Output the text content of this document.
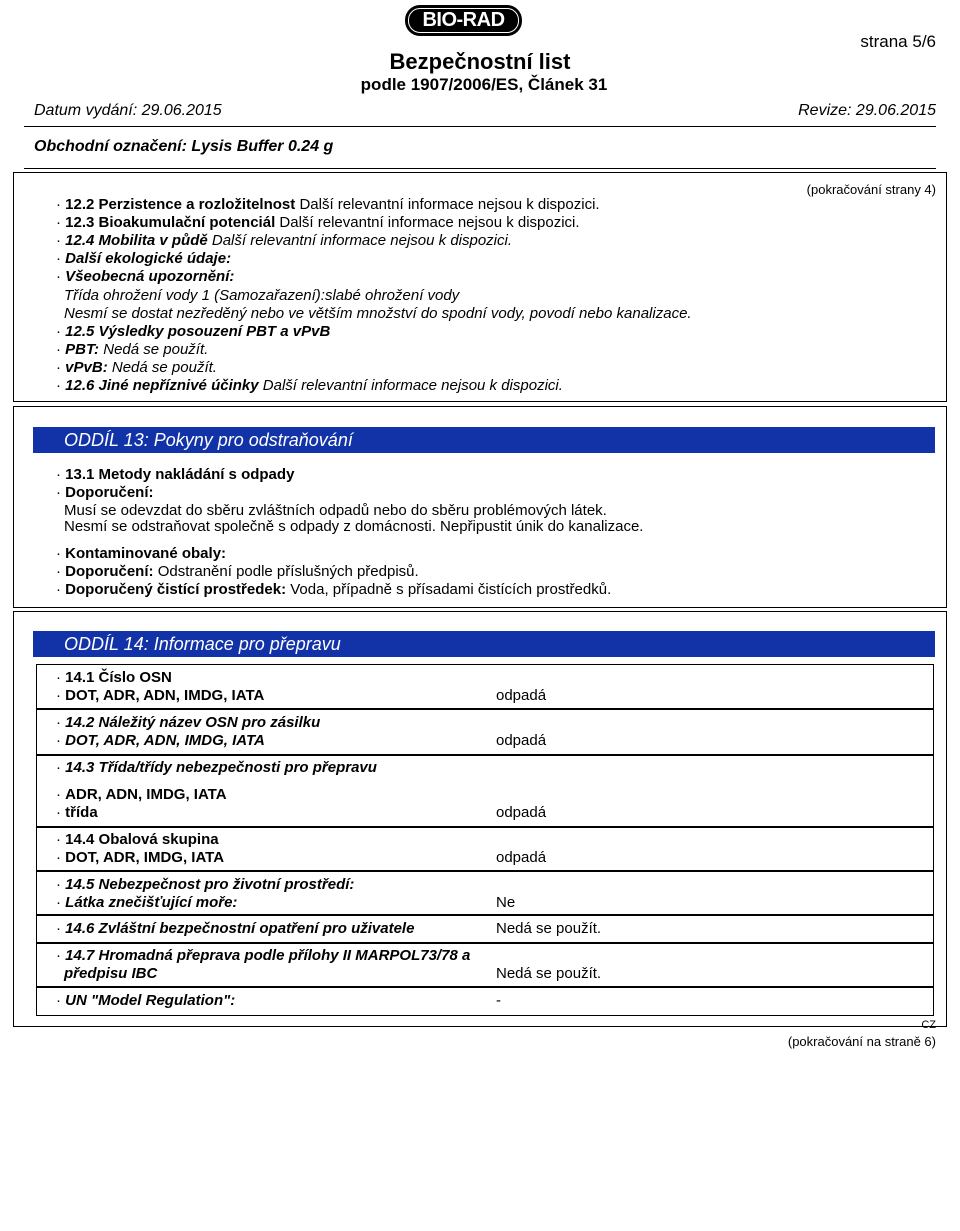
BIO-RAD
Bezpečnostní list
podle 1907/2006/ES, Článek 31
strana 5/6
Datum vydání: 29.06.2015	Revize: 29.06.2015
Obchodní označení: Lysis Buffer 0.24 g
(pokračování strany 4)
· 12.2 Perzistence a rozložitelnost Další relevantní informace nejsou k dispozici.
· 12.3 Bioakumulační potenciál Další relevantní informace nejsou k dispozici.
· 12.4 Mobilita v půdě Další relevantní informace nejsou k dispozici.
· Další ekologické údaje:
· Všeobecná upozornění:
Třída ohrožení vody 1 (Samozařazení):slabé ohrožení vody
Nesmí se dostat nezředěný nebo ve větším množství do spodní vody, povodí nebo kanalizace.
· 12.5 Výsledky posouzení PBT a vPvB
· PBT: Nedá se použít.
· vPvB: Nedá se použít.
· 12.6 Jiné nepříznivé účinky Další relevantní informace nejsou k dispozici.
ODDÍL 13: Pokyny pro odstraňování
· 13.1 Metody nakládání s odpady
· Doporučení:
Musí se odevzdat do sběru zvláštních odpadů nebo do sběru problémových látek.
Nesmí se odstraňovat společně s odpady z domácnosti. Nepřipustit únik do kanalizace.
· Kontaminované obaly:
· Doporučení: Odstranění podle příslušných předpisů.
· Doporučený čistící prostředek: Voda, případně s přísadami čistících prostředků.
ODDÍL 14: Informace pro přepravu
· 14.1 Číslo OSN
· DOT, ADR, ADN, IMDG, IATA	odpadá
· 14.2 Náležitý název OSN pro zásilku
· DOT, ADR, ADN, IMDG, IATA	odpadá
· 14.3 Třída/třídy nebezpečnosti pro přepravu
· ADR, ADN, IMDG, IATA
· třída	odpadá
· 14.4 Obalová skupina
· DOT, ADR, IMDG, IATA	odpadá
· 14.5 Nebezpečnost pro životní prostředí:
· Látka znečišťující moře:	Ne
· 14.6 Zvláštní bezpečnostní opatření pro uživatele	Nedá se použít.
· 14.7 Hromadná přeprava podle přílohy II MARPOL73/78 a
předpisu IBC	Nedá se použít.
· UN "Model Regulation":	-
CZ
(pokračování na straně 6)
